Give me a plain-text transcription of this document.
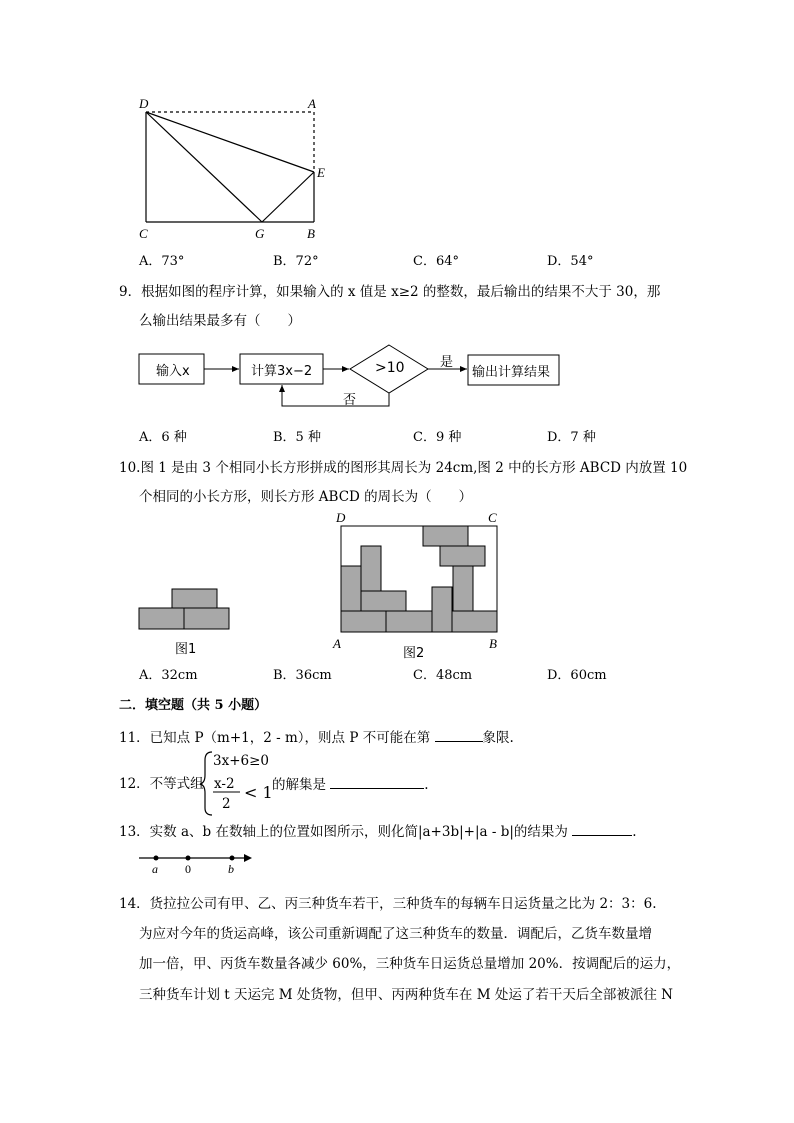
D	A
E
C	G	B
A．73°	B．72°	C．64°	D．54°
9．根据如图的程序计算，如果输入的 x 值是 x≥2 的整数，最后输出的结果不大于 30，那
么输出结果最多有（　　）
输入x	计算3x−2	>10	输出计算结果
是
否
A．6 种	B．5 种	C．9 种	D．7 种
10.图 1 是由 3 个相同小长方形拼成的图形其周长为 24cm,图 2 中的长方形 ABCD 内放置 10
个相同的小长方形，则长方形 ABCD 的周长为（　　）
图1
D	C
A	B
图2
A．32cm	B．36cm	C．48cm	D．60cm
二．填空题（共 5 小题）
11．已知点 P（m+1，2 - m），则点 P 不可能在第	象限.
12．不等式组
3x+6≥0
x-2
2
< 1 的解集是	.
13．实数 a、b 在数轴上的位置如图所示，则化简|a+3b|+|a - b|的结果为	.
a 0	b
14．货拉拉公司有甲、乙、丙三种货车若干，三种货车的每辆车日运货量之比为 2：3：6.
为应对今年的货运高峰，该公司重新调配了这三种货车的数量．调配后，乙货车数量增
加一倍，甲、丙货车数量各减少 60%，三种货车日运货总量增加 20%．按调配后的运力，
三种货车计划 t 天运完 M 处货物，但甲、丙两种货车在 M 处运了若干天后全部被派往 N
